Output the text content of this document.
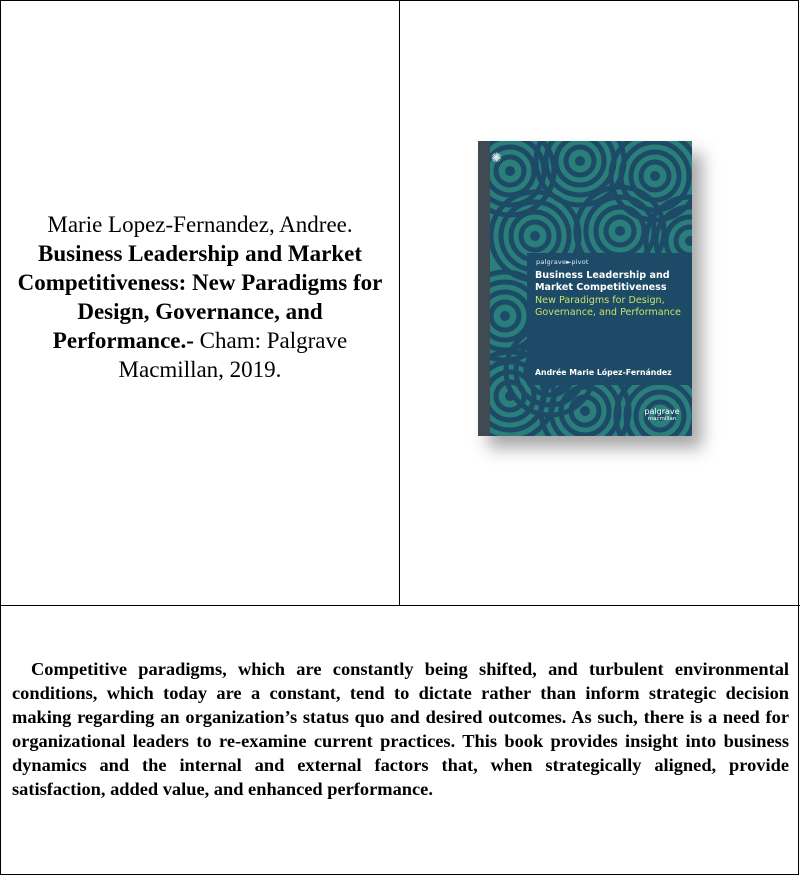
Marie Lopez-Fernandez, Andree. Business Leadership and Market Competitiveness: New Paradigms for Design, Governance, and Performance.- Cham: Palgrave Macmillan, 2019.
✺
palgrave►pivot
Business Leadership and Market Competitiveness
New Paradigms for Design, Governance, and Performance
Andrée Marie López-Fernández
palgrave
macmillan

Competitive paradigms, which are constantly being shifted, and turbulent environmental conditions, which today are a constant, tend to dictate rather than inform strategic decision making regarding an organization’s status quo and desired outcomes. As such, there is a need for organizational leaders to re-examine current practices. This book provides insight into business dynamics and the internal and external factors that, when strategically aligned, provide satisfaction, added value, and enhanced performance.
